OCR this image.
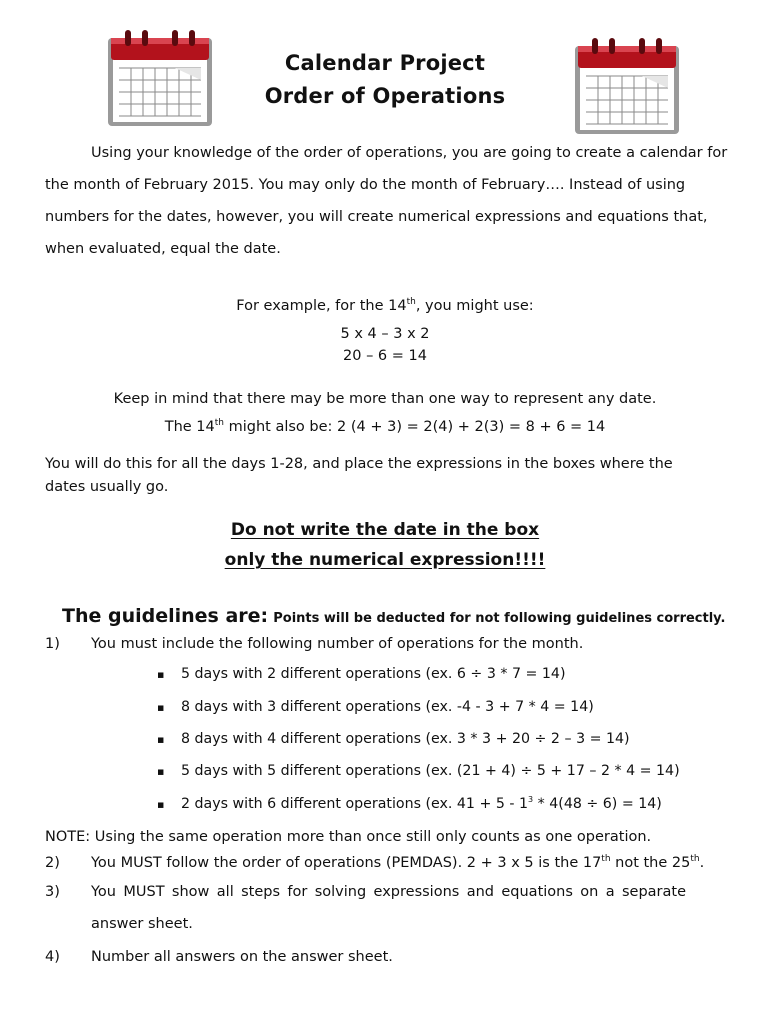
Calendar Project
Order of Operations
Using your knowledge of the order of operations, you are going to create a calendar for
the month of February 2015. You may only do the month of February…. Instead of using
numbers for the dates, however, you will create numerical expressions and equations that,
when evaluated, equal the date.
For example, for the 14th, you might use:
5 x 4 – 3 x 2
20 – 6 = 14
Keep in mind that there may be more than one way to represent any date.
The 14th might also be: 2 (4 + 3) = 2(4) + 2(3) = 8 + 6 = 14
You will do this for all the days 1-28, and place the expressions in the boxes where the
dates usually go.
Do not write the date in the box
only the numerical expression!!!!
The guidelines are: Points will be deducted for not following guidelines correctly.
1)	You must include the following number of operations for the month.
▪ 5 days with 2 different operations (ex. 6 ÷ 3 * 7 = 14)
▪ 8 days with 3 different operations (ex. -4 - 3 + 7 * 4 = 14)
▪ 8 days with 4 different operations (ex. 3 * 3 + 20 ÷ 2 – 3 = 14)
▪ 5 days with 5 different operations (ex. (21 + 4) ÷ 5 + 17 – 2 * 4 = 14)
▪ 2 days with 6 different operations (ex. $41 + 5 - 1^3 * 4(48 \div 6) = 14$)
NOTE: Using the same operation more than once still only counts as one operation.
2)	You MUST follow the order of operations (PEMDAS). 2 + 3 x 5 is the 17th not the 25th.
3)	You MUST show all steps for solving expressions and equations on a separate
answer sheet.
4)	Number all answers on the answer sheet.
